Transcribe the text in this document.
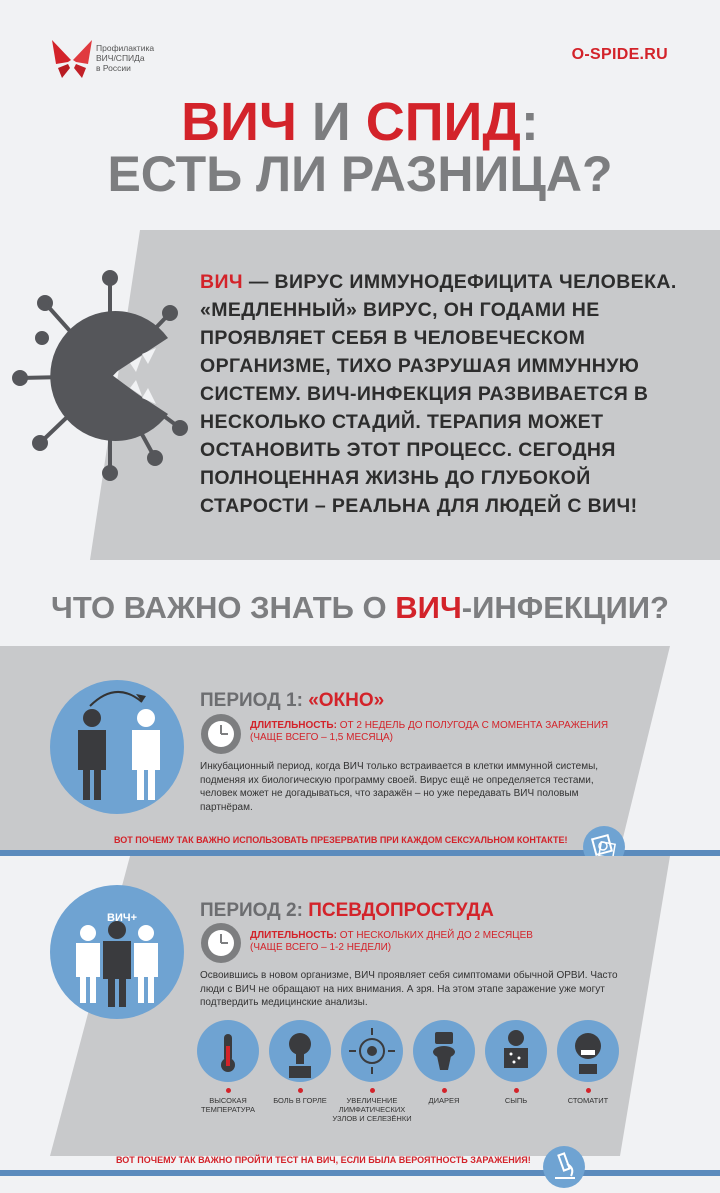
Профилактика
ВИЧ/СПИДа
в России
O-SPIDE.RU
ВИЧ И СПИД:
ЕСТЬ ЛИ РАЗНИЦА?
ВИЧ — ВИРУС ИММУНОДЕФИЦИТА ЧЕЛОВЕКА. «МЕДЛЕННЫЙ» ВИРУС, ОН ГОДАМИ НЕ ПРОЯВЛЯЕТ СЕБЯ В ЧЕЛОВЕЧЕСКОМ ОРГАНИЗМЕ, ТИХО РАЗРУШАЯ ИММУННУЮ СИСТЕМУ. ВИЧ-ИНФЕКЦИЯ РАЗВИВАЕТСЯ В НЕСКОЛЬКО СТАДИЙ. ТЕРАПИЯ МОЖЕТ ОСТАНОВИТЬ ЭТОТ ПРОЦЕСС. СЕГОДНЯ ПОЛНОЦЕННАЯ ЖИЗНЬ ДО ГЛУБОКОЙ СТАРОСТИ – РЕАЛЬНА ДЛЯ ЛЮДЕЙ С ВИЧ!
ЧТО ВАЖНО ЗНАТЬ О ВИЧ-ИНФЕКЦИИ?
ПЕРИОД 1: «ОКНО»
ДЛИТЕЛЬНОСТЬ: ОТ 2 НЕДЕЛЬ ДО ПОЛУГОДА С МОМЕНТА ЗАРАЖЕНИЯ
(ЧАЩЕ ВСЕГО – 1,5 МЕСЯЦА)
Инкубационный период, когда ВИЧ только встраивается в клетки иммунной системы, подменяя их биологическую программу своей. Вирус ещё не определяется тестами, человек может не догадываться, что заражён – но уже передавать ВИЧ половым партнёрам.
ВОТ ПОЧЕМУ ТАК ВАЖНО ИСПОЛЬЗОВАТЬ ПРЕЗЕРВАТИВ ПРИ КАЖДОМ СЕКСУАЛЬНОМ КОНТАКТЕ!
ВИЧ+	ПЕРИОД 2: ПСЕВДОПРОСТУДА
ДЛИТЕЛЬНОСТЬ: ОТ НЕСКОЛЬКИХ ДНЕЙ ДО 2 МЕСЯЦЕВ
(ЧАЩЕ ВСЕГО – 1-2 НЕДЕЛИ)
Освоившись в новом организме, ВИЧ проявляет себя симптомами обычной ОРВИ. Часто люди с ВИЧ не обращают на них внимания. А зря. На этом этапе заражение уже могут подтвердить медицинские анализы.
ВЫСОКАЯ ТЕМПЕРАТУРА
БОЛЬ В ГОРЛЕ	УВЕЛИЧЕНИЕ ЛИМФАТИЧЕСКИХ УЗЛОВ И СЕЛЕЗЁНКИ
ДИАРЕЯ	СЫПЬ	СТОМАТИТ
ВОТ ПОЧЕМУ ТАК ВАЖНО ПРОЙТИ ТЕСТ НА ВИЧ, ЕСЛИ БЫЛА ВЕРОЯТНОСТЬ ЗАРАЖЕНИЯ!
